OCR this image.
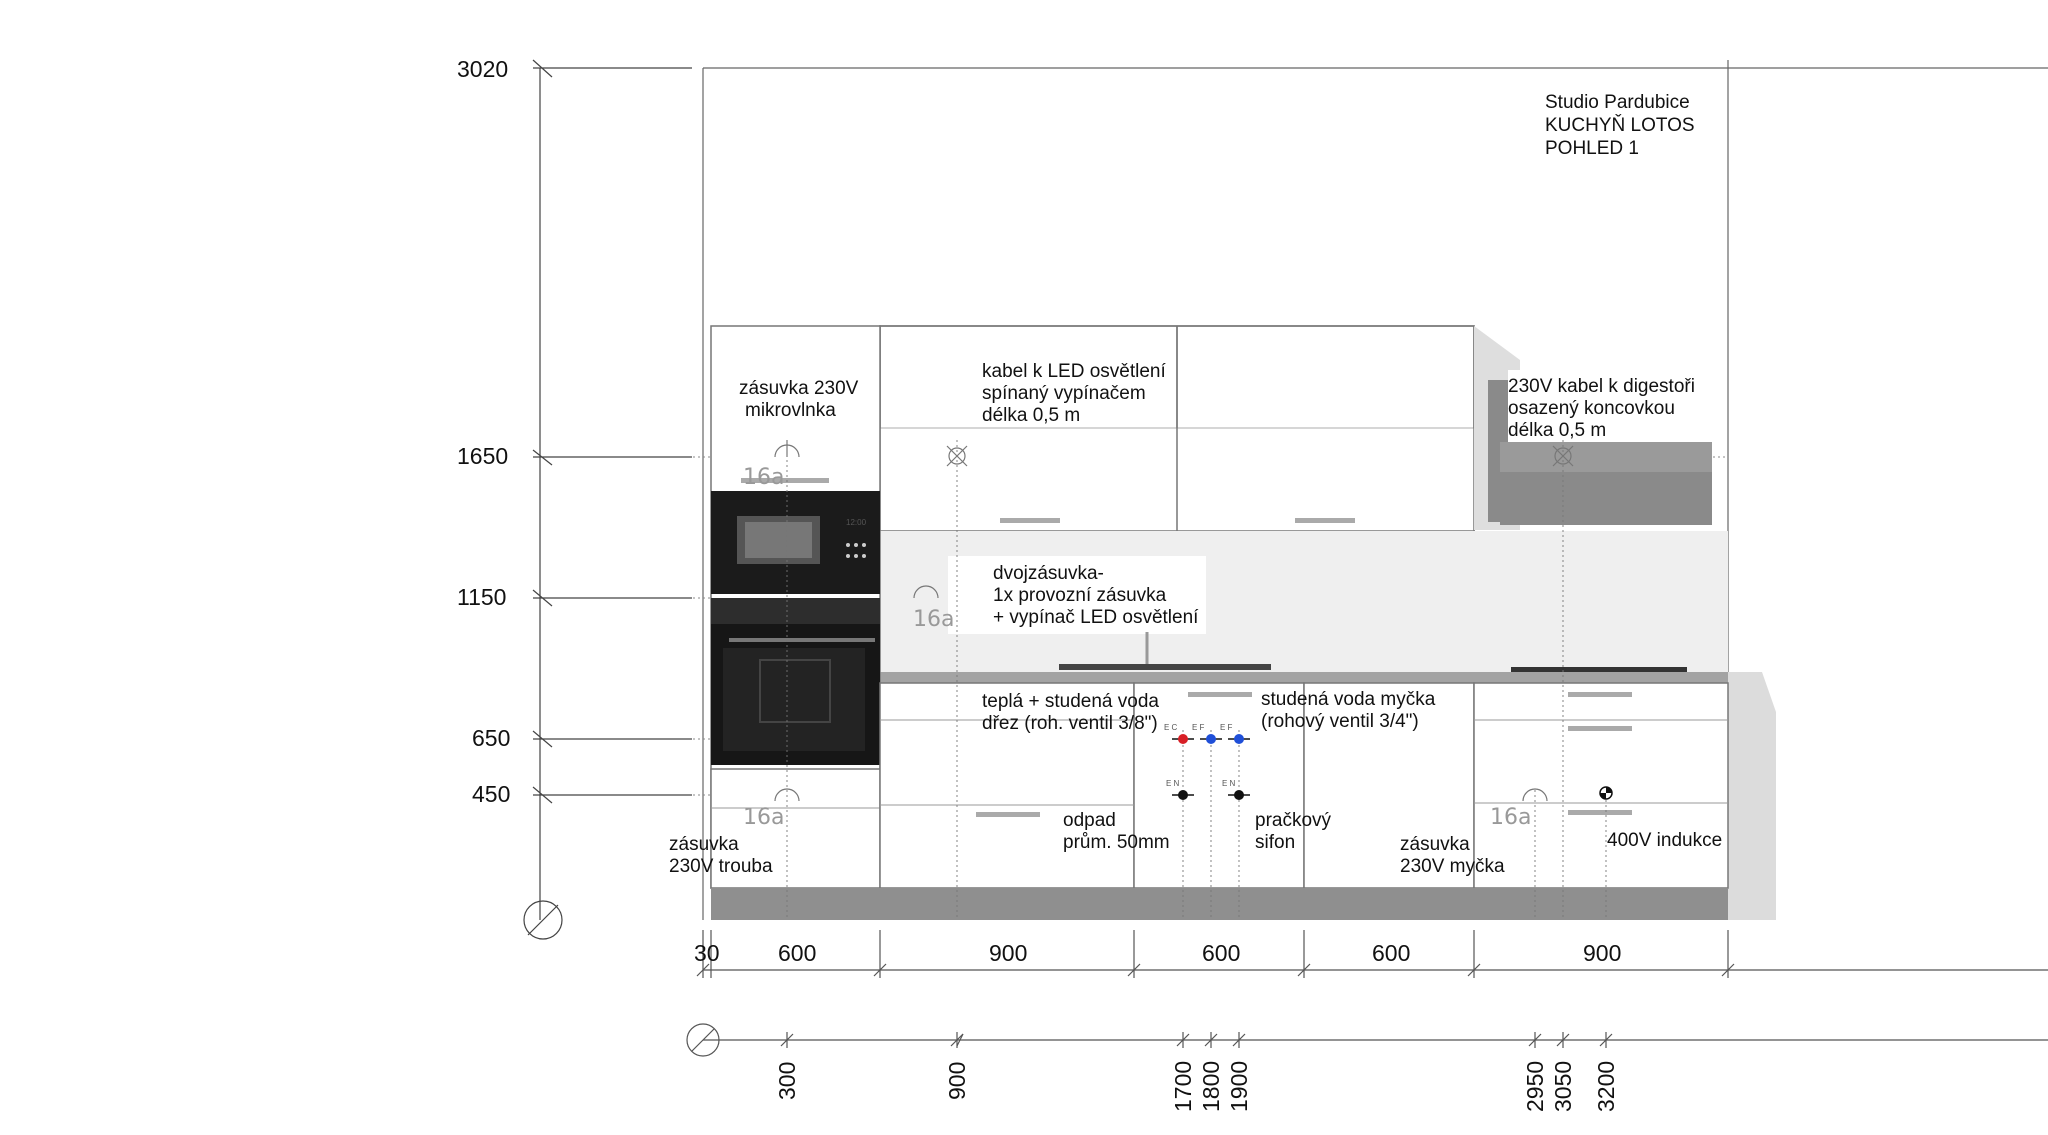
3020
1650
1150
650
450
Studio Pardubice
KUCHYŇ LOTOS
POHLED 1
12:00
16a
16a
16a	16a
E C E F E F
E N	E N
zásuvka 230V
mikrovlnka
kabel k LED osvětlení
spínaný vypínačem
délka 0,5 m
230V kabel k digestoři
osazený koncovkou
délka 0,5 m
dvojzásuvka-
1x provozní zásuvka
+ vypínač LED osvětlení
teplá + studená voda
dřez (roh. ventil 3/8")
studená voda myčka
(rohový ventil 3/4")
odpad
prům. 50mm
pračkový
sifon
zásuvka
230V trouba
zásuvka
230V myčka
400V indukce
30	600	900	600	600	900
300	900	1700 1800 1900	2950 3050 3200
